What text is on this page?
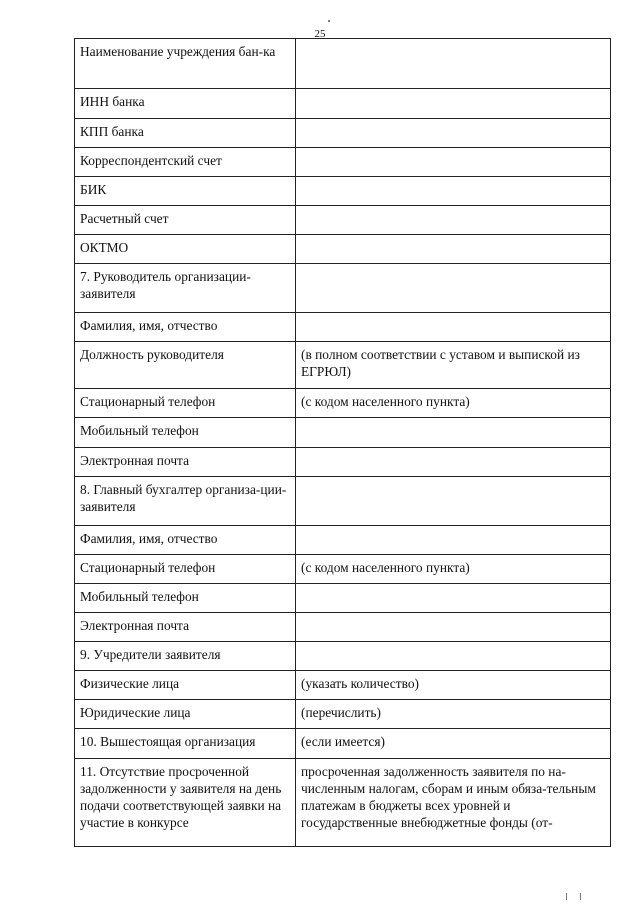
25
Наименование учреждения бан-ка	
ИНН банка	
КПП банка	
Корреспондентский счет	
БИК	
Расчетный счет	
ОКТМО	
7. Руководитель организации-заявителя	
Фамилия, имя, отчество	
Должность руководителя	(в полном соответствии с уставом и выпиской из ЕГРЮЛ)
Стационарный телефон	(с кодом населенного пункта)
Мобильный телефон	
Электронная почта	
8. Главный бухгалтер организа-ции-заявителя	
Фамилия, имя, отчество	
Стационарный телефон	(с кодом населенного пункта)
Мобильный телефон	
Электронная почта	
9. Учредители заявителя	
Физические лица	(указать количество)
Юридические лица	(перечислить)
10. Вышестоящая организация	(если имеется)
11. Отсутствие просроченной задолженности у заявителя на день подачи соответствующей заявки на участие в конкурсе	просроченная задолженность заявителя по на-численным налогам, сборам и иным обяза-тельным платежам в бюджеты всех уровней и государственные внебюджетные фонды (от-
